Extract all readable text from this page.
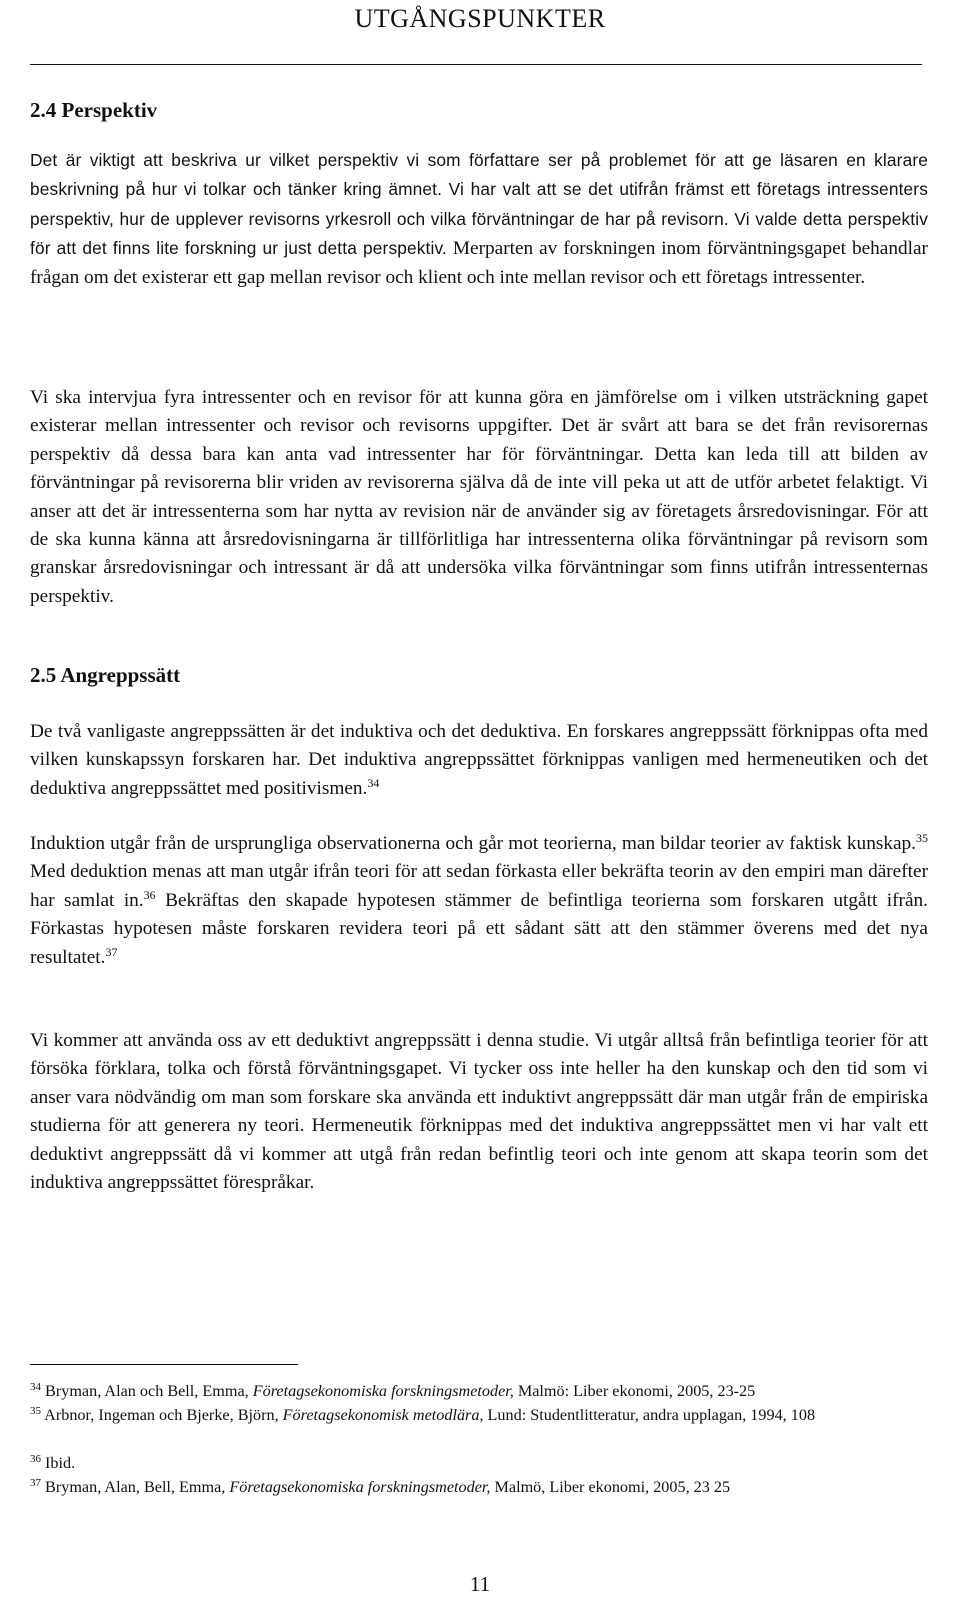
UTGÅNGSPUNKTER
2.4 Perspektiv

Det är viktigt att beskriva ur vilket perspektiv vi som författare ser på problemet för att ge läsaren en klarare beskrivning på hur vi tolkar och tänker kring ämnet. Vi har valt att se det utifrån främst ett företags intressenters perspektiv, hur de upplever revisorns yrkesroll och vilka förväntningar de har på revisorn. Vi valde detta perspektiv för att det finns lite forskning ur just detta perspektiv. Merparten av forskningen inom förväntningsgapet behandlar frågan om det existerar ett gap mellan revisor och klient och inte mellan revisor och ett företags intressenter.

Vi ska intervjua fyra intressenter och en revisor för att kunna göra en jämförelse om i vilken utsträckning gapet existerar mellan intressenter och revisor och revisorns uppgifter. Det är svårt att bara se det från revisorernas perspektiv då dessa bara kan anta vad intressenter har för förväntningar. Detta kan leda till att bilden av förväntningar på revisorerna blir vriden av revisorerna själva då de inte vill peka ut att de utför arbetet felaktigt. Vi anser att det är intressenterna som har nytta av revision när de använder sig av företagets årsredovisningar. För att de ska kunna känna att årsredovisningarna är tillförlitliga har intressenterna olika förväntningar på revisorn som granskar årsredovisningar och intressant är då att undersöka vilka förväntningar som finns utifrån intressenternas perspektiv.

2.5 Angreppssätt

De två vanligaste angreppssätten är det induktiva och det deduktiva. En forskares angreppssätt förknippas ofta med vilken kunskapssyn forskaren har. Det induktiva angreppssättet förknippas vanligen med hermeneutiken och det deduktiva angreppssättet med positivismen.$^{34}$

Induktion utgår från de ursprungliga observationerna och går mot teorierna, man bildar teorier av faktisk kunskap.$^{35}$ Med deduktion menas att man utgår ifrån teori för att sedan förkasta eller bekräfta teorin av den empiri man därefter har samlat in.$^{36}$ Bekräftas den skapade hypotesen stämmer de befintliga teorierna som forskaren utgått ifrån. Förkastas hypotesen måste forskaren revidera teori på ett sådant sätt att den stämmer överens med det nya resultatet.$^{37}$

Vi kommer att använda oss av ett deduktivt angreppssätt i denna studie. Vi utgår alltså från befintliga teorier för att försöka förklara, tolka och förstå förväntningsgapet. Vi tycker oss inte heller ha den kunskap och den tid som vi anser vara nödvändig om man som forskare ska använda ett induktivt angreppssätt där man utgår från de empiriska studierna för att generera ny teori. Hermeneutik förknippas med det induktiva angreppssättet men vi har valt ett deduktivt angreppssätt då vi kommer att utgå från redan befintlig teori och inte genom att skapa teorin som det induktiva angreppssättet förespråkar.

$^{34}$ Bryman, Alan och Bell, Emma, Företagsekonomiska forskningsmetoder, Malmö: Liber ekonomi, 2005, 23-25

$^{35}$ Arbnor, Ingeman och Bjerke, Björn, Företagsekonomisk metodlära, Lund: Studentlitteratur, andra upplagan, 1994, 108

$^{36}$ Ibid.

$^{37}$ Bryman, Alan, Bell, Emma, Företagsekonomiska forskningsmetoder, Malmö, Liber ekonomi, 2005, 23 25

11
